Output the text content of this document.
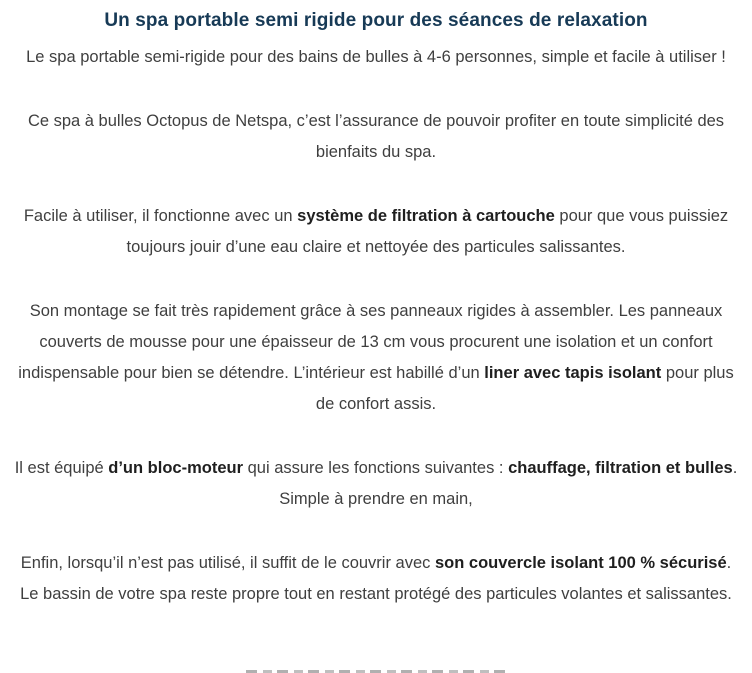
Un spa portable semi rigide pour des séances de relaxation

Le spa portable semi-rigide pour des bains de bulles à 4-6 personnes, simple et facile à utiliser !

Ce spa à bulles Octopus de Netspa, c’est l’assurance de pouvoir profiter en toute simplicité des bienfaits du spa.

Facile à utiliser, il fonctionne avec un système de filtration à cartouche pour que vous puissiez toujours jouir d’une eau claire et nettoyée des particules salissantes.

Son montage se fait très rapidement grâce à ses panneaux rigides à assembler. Les panneaux couverts de mousse pour une épaisseur de 13 cm vous procurent une isolation et un confort indispensable pour bien se détendre. L’intérieur est habillé d’un liner avec tapis isolant pour plus de confort assis.

Il est équipé d’un bloc-moteur qui assure les fonctions suivantes : chauffage, filtration et bulles. Simple à prendre en main,

Enfin, lorsqu’il n’est pas utilisé, il suffit de le couvrir avec son couvercle isolant 100 % sécurisé. Le bassin de votre spa reste propre tout en restant protégé des particules volantes et salissantes.
